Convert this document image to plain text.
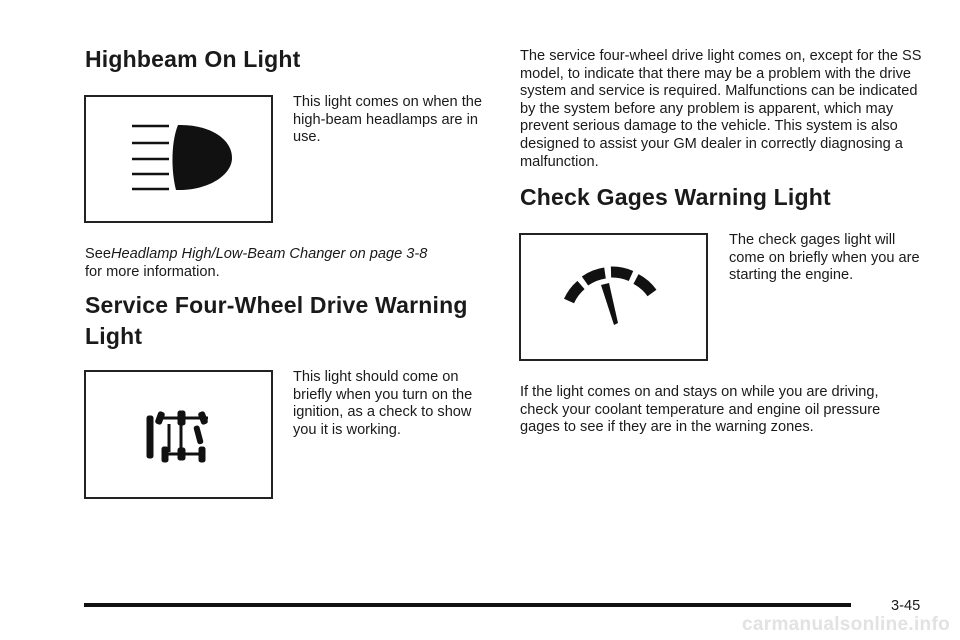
Highbeam On Light
This light comes on when the high-beam headlamps are in use.
SeeHeadlamp High/Low-Beam Changer on page 3-8
for more information.
Service Four-Wheel Drive Warning
Light
This light should come on briefly when you turn on the ignition, as a check to show you it is working.
The service four-wheel drive light comes on, except for the SS model, to indicate that there may be a problem with the drive system and service is required. Malfunctions can be indicated by the system before any problem is apparent, which may prevent serious damage to the vehicle. This system is also designed to assist your GM dealer in correctly diagnosing a malfunction.
Check Gages Warning Light
The check gages light will come on briefly when you are starting the engine.
If the light comes on and stays on while you are driving, check your coolant temperature and engine oil pressure gages to see if they are in the warning zones.
3-45
carmanualsonline.info
